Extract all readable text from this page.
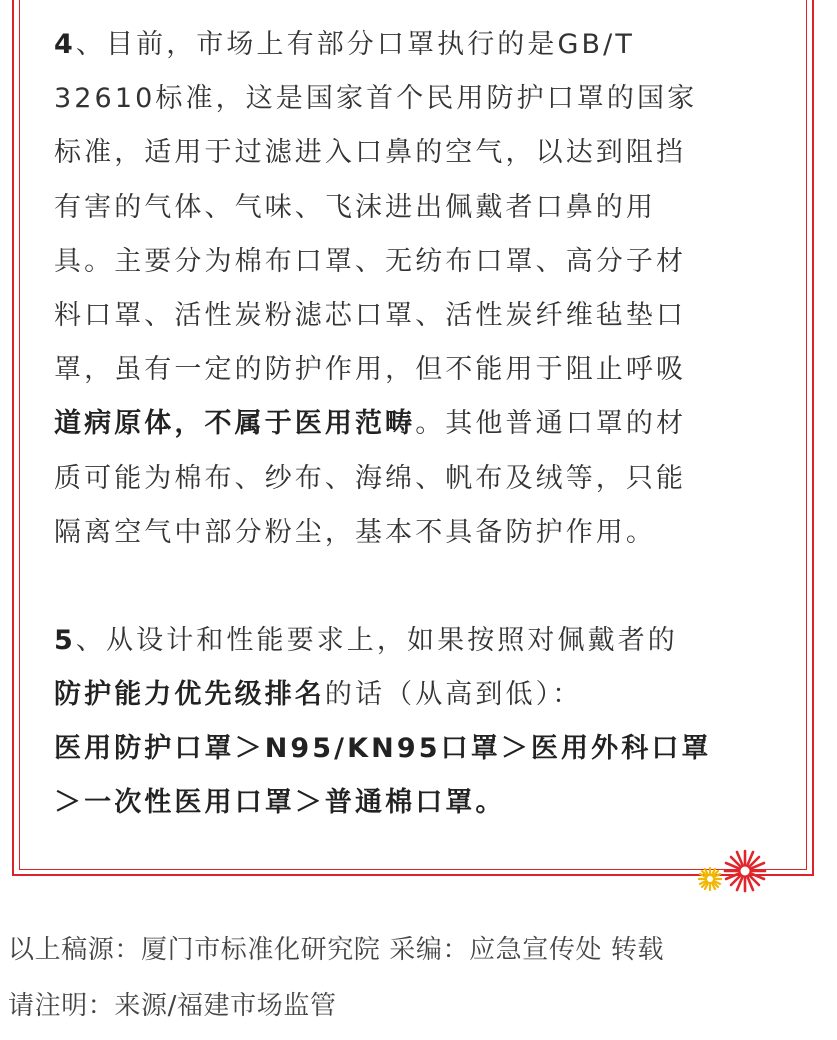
4、目前，市场上有部分口罩执行的是GB/T
32610标准，这是国家首个民用防护口罩的国家
标准，适用于过滤进入口鼻的空气，以达到阻挡
有害的气体、气味、飞沫进出佩戴者口鼻的用
具。主要分为棉布口罩、无纺布口罩、高分子材
料口罩、活性炭粉滤芯口罩、活性炭纤维毡垫口
罩，虽有一定的防护作用，但不能用于阻止呼吸
道病原体，不属于医用范畴。其他普通口罩的材
质可能为棉布、纱布、海绵、帆布及绒等，只能
隔离空气中部分粉尘，基本不具备防护作用。
5、从设计和性能要求上，如果按照对佩戴者的
防护能力优先级排名的话（从高到低）：
医用防护口罩＞N95/KN95口罩＞医用外科口罩
＞一次性医用口罩＞普通棉口罩。
以上稿源：厦门市标准化研究院 采编：应急宣传处 转载
请注明：来源/福建市场监管
